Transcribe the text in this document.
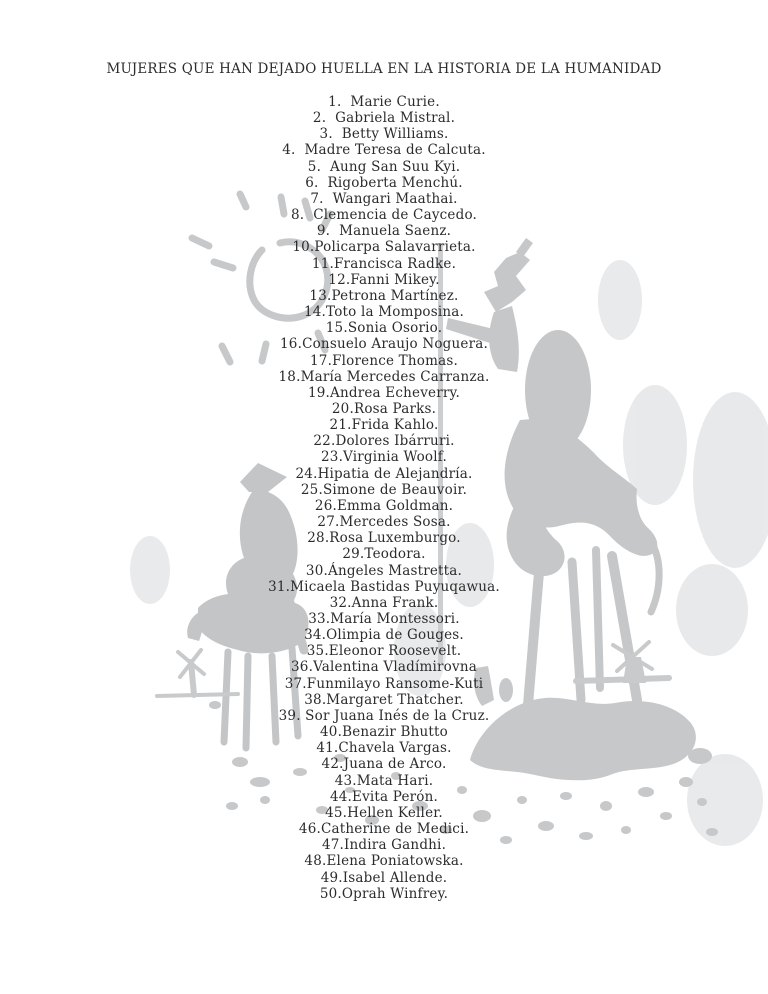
MUJERES QUE HAN DEJADO HUELLA EN LA HISTORIA DE LA HUMANIDAD
1.  Marie Curie.
2.  Gabriela Mistral.
3.  Betty Williams.
4.  Madre Teresa de Calcuta.
5.  Aung San Suu Kyi.
6.  Rigoberta Menchú.
7.  Wangari Maathai.
8.  Clemencia de Caycedo.
9.  Manuela Saenz.
10.Policarpa Salavarrieta.
11.Francisca Radke.
12.Fanni Mikey.
13.Petrona Martínez.
14.Toto la Momposina.
15.Sonia Osorio.
16.Consuelo Araujo Noguera.
17.Florence Thomas.
18.María Mercedes Carranza.
19.Andrea Echeverry.
20.Rosa Parks.
21.Frida Kahlo.
22.Dolores Ibárruri.
23.Virginia Woolf.
24.Hipatia de Alejandría.
25.Simone de Beauvoir.
26.Emma Goldman.
27.Mercedes Sosa.
28.Rosa Luxemburgo.
29.Teodora.
30.Ángeles Mastretta.
31.Micaela Bastidas Puyuqawua.
32.Anna Frank.
33.María Montessori.
34.Olimpia de Gouges.
35.Eleonor Roosevelt.
36.Valentina Vladímirovna
37.Funmilayo Ransome-Kuti
38.Margaret Thatcher.
39. Sor Juana Inés de la Cruz.
40.Benazir Bhutto
41.Chavela Vargas.
42.Juana de Arco.
43.Mata Hari.
44.Evita Perón.
45.Hellen Keller.
46.Catherine de Medici.
47.Indira Gandhi.
48.Elena Poniatowska.
49.Isabel Allende.
50.Oprah Winfrey.
